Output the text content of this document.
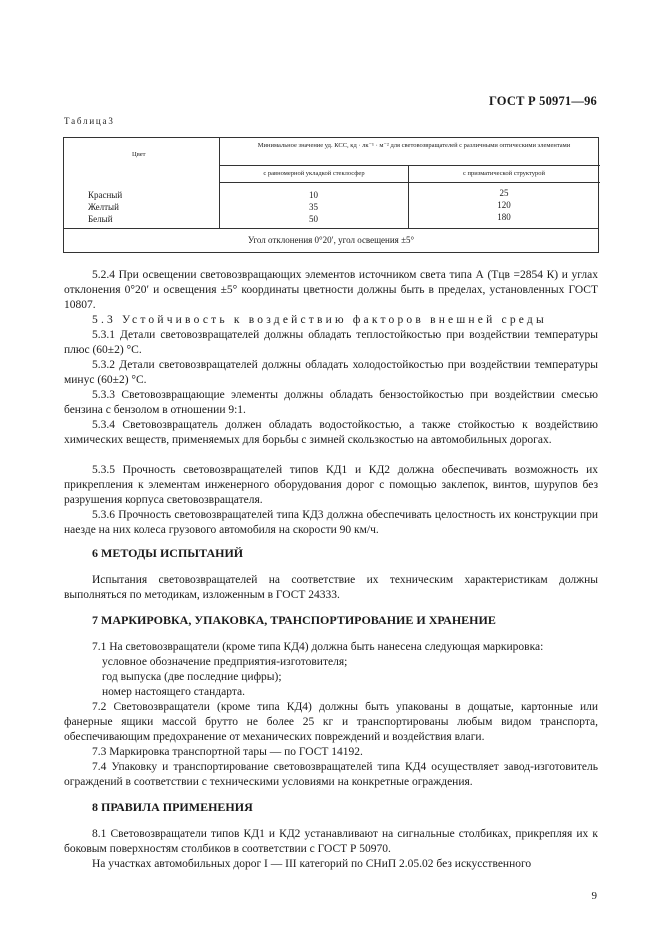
ГОСТ Р 50971—96
Таблица3
Цвет
Минимальное значение уд. КСС, кд · лк⁻¹ · м⁻² для световозвращателей с различными оптическими элементами
с равномерной укладкой стеклосфер	с призматической структурой
Красный
Желтый
Белый
10
35
50
25
120
180
Угол отклонения 0°20′, угол освещения ±5°

5.2.4 При освещении световозвращающих элементов источником света типа А (Tцв =2854 К) и углах отклонения 0°20′ и освещения ±5° координаты цветности должны быть в пределах, установленных ГОСТ 10807.

5.3 Устойчивость к воздействию факторов внешней среды

5.3.1 Детали световозвращателей должны обладать теплостойкостью при воздействии температуры плюс (60±2) °С.

5.3.2 Детали световозвращателей должны обладать холодостойкостью при воздействии температуры минус (60±2) °С.

5.3.3 Световозвращающие элементы должны обладать бензостойкостью при воздействии смесью бензина с бензолом в отношении 9:1.

5.3.4 Световозвращатель должен обладать водостойкостью, а также стойкостью к воздействию химических веществ, применяемых для борьбы с зимней скользкостью на автомобильных дорогах.

5.3.5 Прочность световозвращателей типов КД1 и КД2 должна обеспечивать возможность их прикрепления к элементам инженерного оборудования дорог с помощью заклепок, винтов, шурупов без разрушения корпуса световозвращателя.

5.3.6 Прочность световозвращателей типа КД3 должна обеспечивать целостность их конструкции при наезде на них колеса грузового автомобиля на скорости 90 км/ч.

6 МЕТОДЫ ИСПЫТАНИЙ

Испытания световозвращателей на соответствие их техническим характеристикам должны выполняться по методикам, изложенным в ГОСТ 24333.

7 МАРКИРОВКА, УПАКОВКА, ТРАНСПОРТИРОВАНИЕ И ХРАНЕНИЕ

7.1 На световозвращатели (кроме типа КД4) должна быть нанесена следующая маркировка:

условное обозначение предприятия-изготовителя;

год выпуска (две последние цифры);

номер настоящего стандарта.

7.2 Световозвращатели (кроме типа КД4) должны быть упакованы в дощатые, картонные или фанерные ящики массой брутто не более 25 кг и транспортированы любым видом транспорта, обеспечивающим предохранение от механических повреждений и воздействия влаги.

7.3 Маркировка транспортной тары — по ГОСТ 14192.

7.4 Упаковку и транспортирование световозвращателей типа КД4 осуществляет завод-изготовитель ограждений в соответствии с техническими условиями на конкретные ограждения.

8 ПРАВИЛА ПРИМЕНЕНИЯ

8.1 Световозвращатели типов КД1 и КД2 устанавливают на сигнальные столбиках, прикрепляя их к боковым поверхностям столбиков в соответствии с ГОСТ Р 50970.

На участках автомобильных дорог I — III категорий по СНиП 2.05.02 без искусственного

9
